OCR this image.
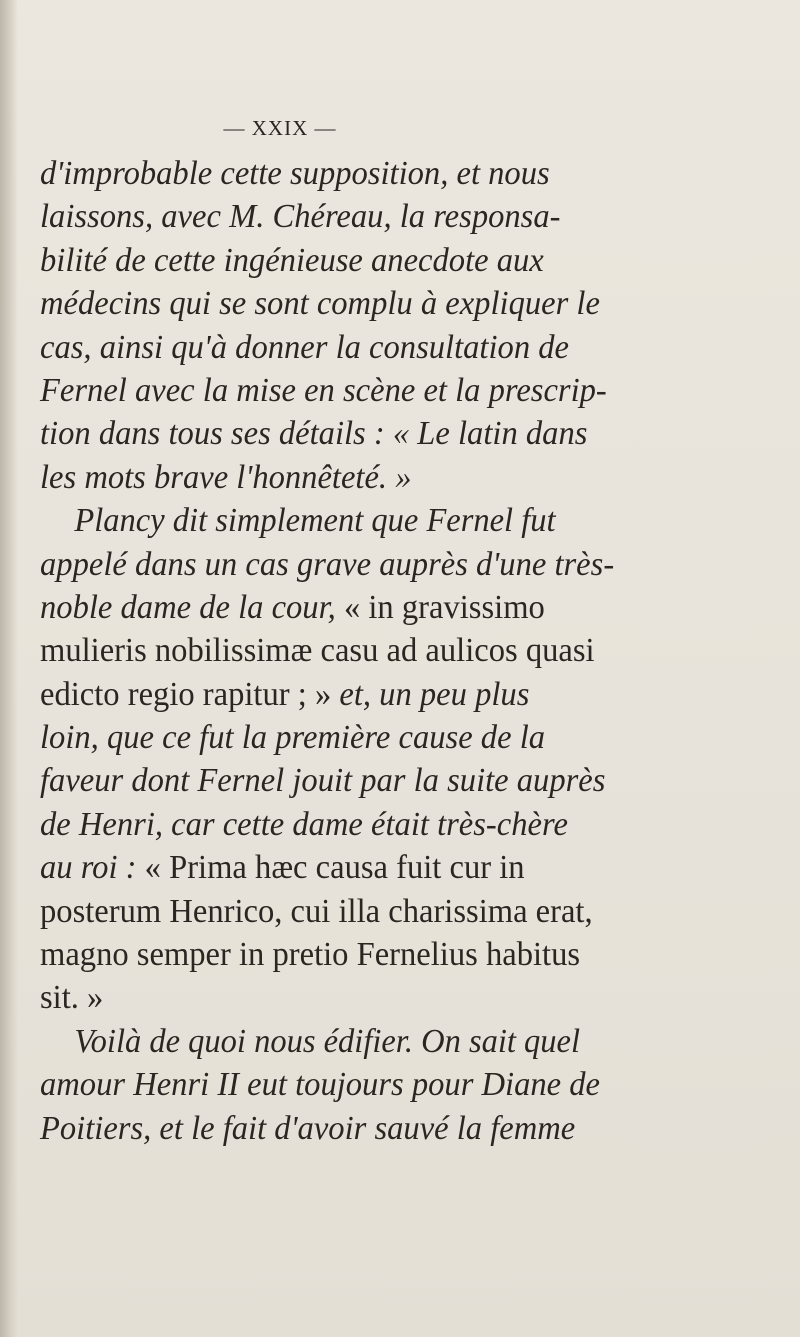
— XXIX —
d'improbable cette supposition, et nous
laissons, avec M. Chéreau, la responsa-
bilité de cette ingénieuse anecdote aux
médecins qui se sont complu à expliquer le
cas, ainsi qu'à donner la consultation de
Fernel avec la mise en scène et la prescrip-
tion dans tous ses détails : « Le latin dans
les mots brave l'honnêteté. »
Plancy dit simplement que Fernel fut
appelé dans un cas grave auprès d'une très-
noble dame de la cour, « in gravissimo
mulieris nobilissimæ casu ad aulicos quasi
edicto regio rapitur ; » et, un peu plus
loin, que ce fut la première cause de la
faveur dont Fernel jouit par la suite auprès
de Henri, car cette dame était très-chère
au roi : « Prima hæc causa fuit cur in
posterum Henrico, cui illa charissima erat,
magno semper in pretio Fernelius habitus
sit. »
Voilà de quoi nous édifier. On sait quel
amour Henri II eut toujours pour Diane de
Poitiers, et le fait d'avoir sauvé la femme
